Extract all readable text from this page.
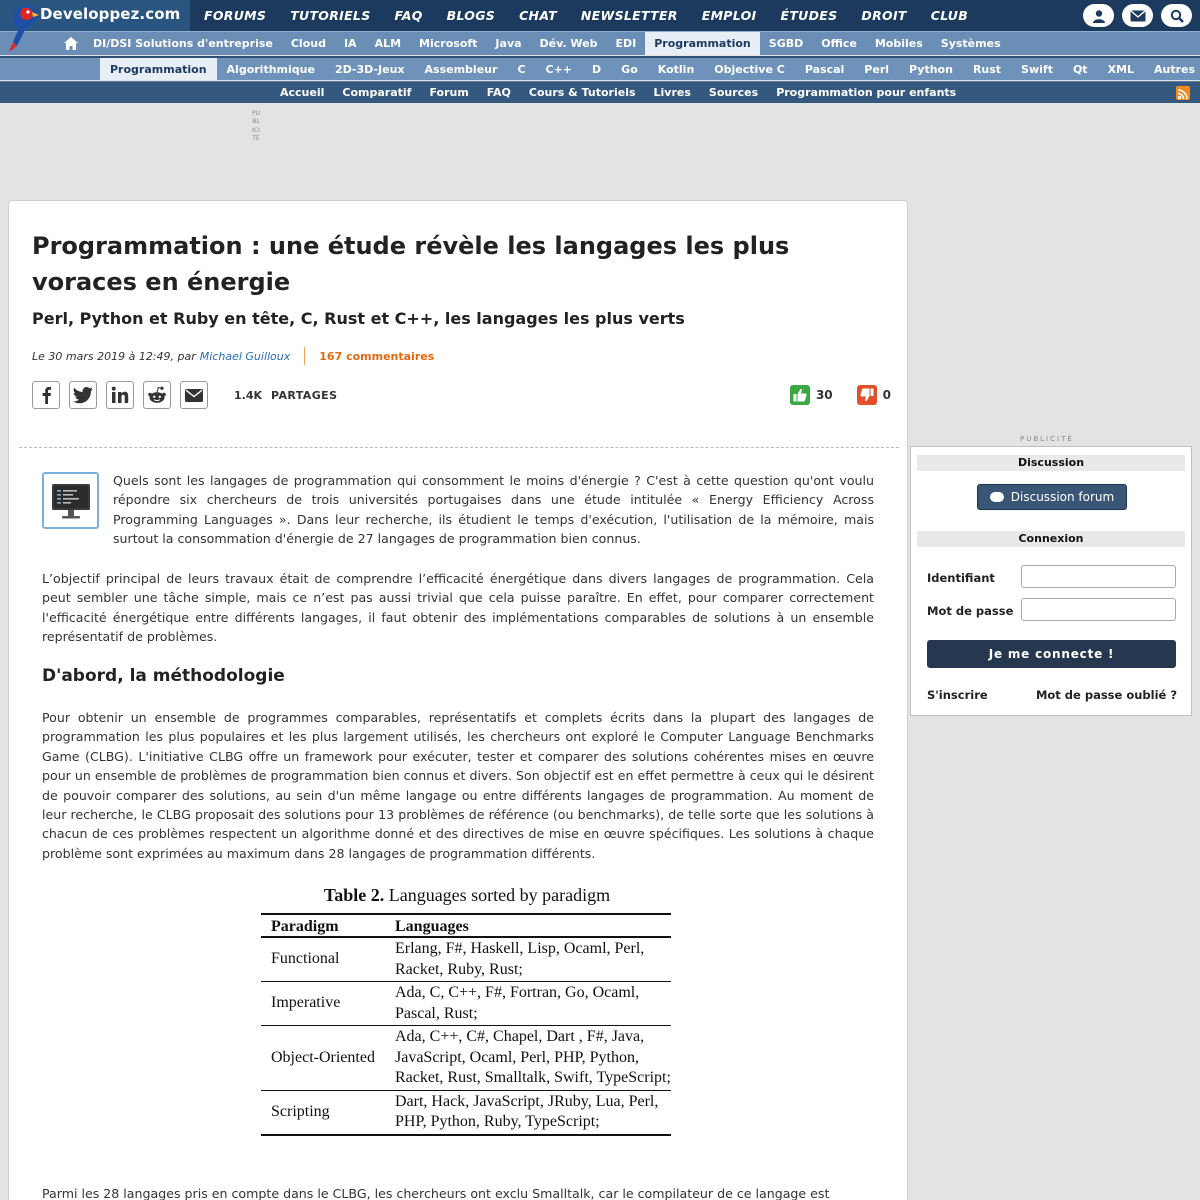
Developpez.com	FORUMS	TUTORIELS	FAQ	BLOGS	CHAT	NEWSLETTER	EMPLOI	ÉTUDES	DROIT	CLUB
DI/DSI Solutions d'entreprise	Cloud	IA	ALM	Microsoft	Java	Dév. Web	EDI	Programmation	SGBD	Office	Mobiles	Systèmes
Programmation	Algorithmique	2D-3D-Jeux	Assembleur	C	C++	D	Go	Kotlin	Objective C	Pascal	Perl	Python	Rust	Swift	Qt	XML	Autres
Accueil	Comparatif	Forum	FAQ	Cours & Tutoriels	Livres	Sources	Programmation pour enfants
PUBLICITÉ
Programmation : une étude révèle les langages les plus voraces en énergie
Perl, Python et Ruby en tête, C, Rust et C++, les langages les plus verts
Le 30 mars 2019 à 12:49, par Michael Guilloux	167 commentaires
1.4K PARTAGES	30	0

Quels sont les langages de programmation qui consomment le moins d'énergie ? C'est à cette question qu'ont voulu répondre six chercheurs de trois universités portugaises dans une étude intitulée « Energy Efficiency Across Programming Languages ». Dans leur recherche, ils étudient le temps d'exécution, l'utilisation de la mémoire, mais surtout la consommation d'énergie de 27 langages de programmation bien connus.

L’objectif principal de leurs travaux était de comprendre l’efficacité énergétique dans divers langages de programmation. Cela peut sembler une tâche simple, mais ce n’est pas aussi trivial que cela puisse paraître. En effet, pour comparer correctement l'efficacité énergétique entre différents langages, il faut obtenir des implémentations comparables de solutions à un ensemble représentatif de problèmes.

D'abord, la méthodologie

Pour obtenir un ensemble de programmes comparables, représentatifs et complets écrits dans la plupart des langages de programmation les plus populaires et les plus largement utilisés, les chercheurs ont exploré le Computer Language Benchmarks Game (CLBG). L'initiative CLBG offre un framework pour exécuter, tester et comparer des solutions cohérentes mises en œuvre pour un ensemble de problèmes de programmation bien connus et divers. Son objectif est en effet permettre à ceux qui le désirent de pouvoir comparer des solutions, au sein d'un même langage ou entre différents langages de programmation. Au moment de leur recherche, le CLBG proposait des solutions pour 13 problèmes de référence (ou benchmarks), de telle sorte que les solutions à chacun de ces problèmes respectent un algorithme donné et des directives de mise en œuvre spécifiques. Les solutions à chaque problème sont exprimées au maximum dans 28 langages de programmation différents.

Table 2. Languages sorted by paradigm
Paradigm	Languages
Functional	Erlang, F#, Haskell, Lisp, Ocaml, Perl, Racket, Ruby, Rust;
Imperative	Ada, C, C++, F#, Fortran, Go, Ocaml, Pascal, Rust;
Object-Oriented	Ada, C++, C#, Chapel, Dart , F#, Java, JavaScript, Ocaml, Perl, PHP, Python, Racket, Rust, Smalltalk, Swift, TypeScript;
Scripting	Dart, Hack, JavaScript, JRuby, Lua, Perl, PHP, Python, Ruby, TypeScript;

Parmi les 28 langages pris en compte dans le CLBG, les chercheurs ont exclu Smalltalk, car le compilateur de ce langage est

PUBLICITÉ
Discussion
Discussion forum
Connexion
Identifiant
Mot de passe
Je me connecte !
S'inscrire	Mot de passe oublié ?
